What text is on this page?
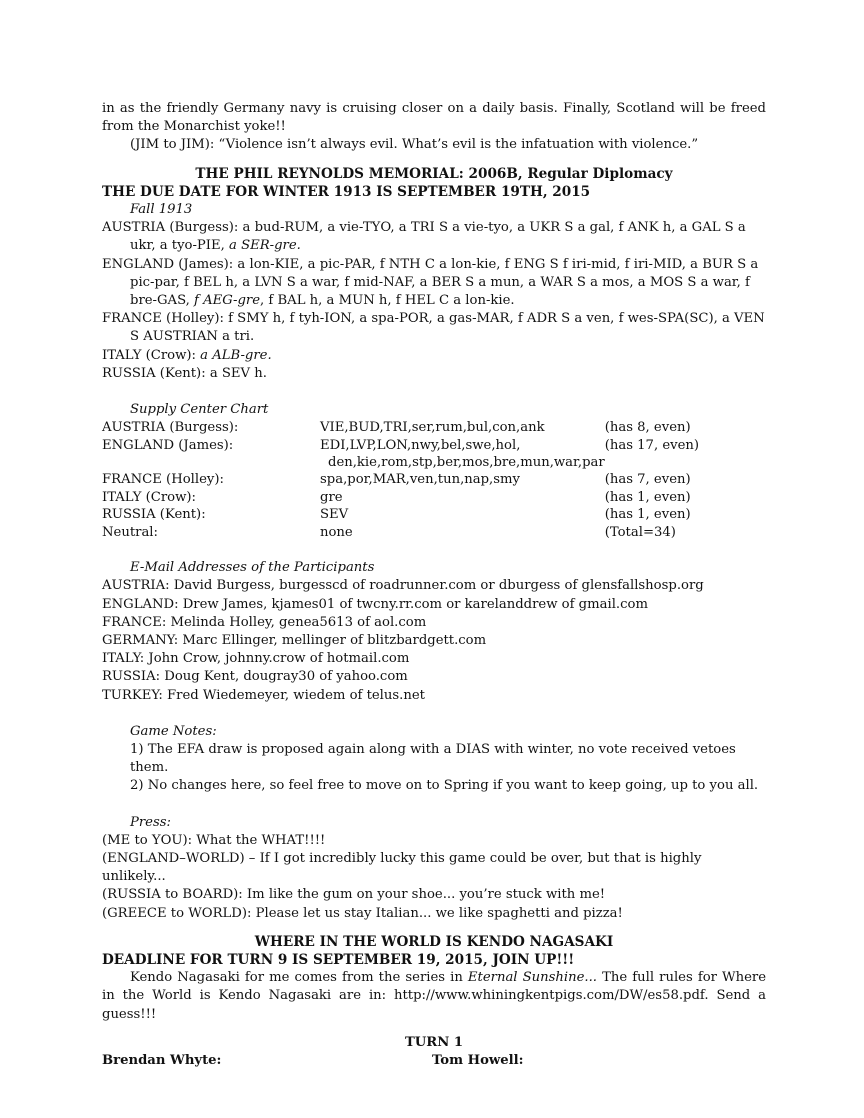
in as the friendly Germany navy is cruising closer on a daily basis. Finally, Scotland will be freed from the Monarchist yoke!!

(JIM to JIM): “Violence isn’t always evil. What’s evil is the infatuation with violence.”

THE PHIL REYNOLDS MEMORIAL: 2006B, Regular Diplomacy
THE DUE DATE FOR WINTER 1913 IS SEPTEMBER 19TH, 2015
Fall 1913
AUSTRIA (Burgess): a bud-RUM, a vie-TYO, a TRI S a vie-tyo, a UKR S a gal, f ANK h, a GAL S a ukr, a tyo-PIE, a SER-gre.
ENGLAND (James): a lon-KIE, a pic-PAR, f NTH C a lon-kie, f ENG S f iri-mid, f iri-MID, a BUR S a pic-par, f BEL h, a LVN S a war, f mid-NAF, a BER S a mun, a WAR S a mos, a MOS S a war, f bre-GAS, f AEG-gre, f BAL h, a MUN h, f HEL C a lon-kie.
FRANCE (Holley): f SMY h, f tyh-ION, a spa-POR, a gas-MAR, f ADR S a ven, f wes-SPA(SC), a VEN S AUSTRIAN a tri.
ITALY (Crow): a ALB-gre.
RUSSIA (Kent): a SEV h.
Supply Center Chart
AUSTRIA (Burgess):	VIE,BUD,TRI,ser,rum,bul,con,ank	(has 8, even)
ENGLAND (James):	EDI,LVP,LON,nwy,bel,swe,hol,	(has 17, even)
	den,kie,rom,stp,ber,mos,bre,mun,war,par	
FRANCE (Holley):	spa,por,MAR,ven,tun,nap,smy	(has 7, even)
ITALY (Crow):	gre	(has 1, even)
RUSSIA (Kent):	SEV	(has 1, even)
Neutral:	none	(Total=34)
E-Mail Addresses of the Participants
AUSTRIA: David Burgess, burgesscd of roadrunner.com or dburgess of glensfallshosp.org
ENGLAND: Drew James, kjames01 of twcny.rr.com or karelanddrew of gmail.com
FRANCE: Melinda Holley, genea5613 of aol.com
GERMANY: Marc Ellinger, mellinger of blitzbardgett.com
ITALY: John Crow, johnny.crow of hotmail.com
RUSSIA: Doug Kent, dougray30 of yahoo.com
TURKEY: Fred Wiedemeyer, wiedem of telus.net
Game Notes:
1) The EFA draw is proposed again along with a DIAS with winter, no vote received vetoes them.
2) No changes here, so feel free to move on to Spring if you want to keep going, up to you all.
Press:
(ME to YOU): What the WHAT!!!!
(ENGLAND–WORLD) – If I got incredibly lucky this game could be over, but that is highly unlikely...
(RUSSIA to BOARD): Im like the gum on your shoe... you’re stuck with me!
(GREECE to WORLD): Please let us stay Italian... we like spaghetti and pizza!
WHERE IN THE WORLD IS KENDO NAGASAKI
DEADLINE FOR TURN 9 IS SEPTEMBER 19, 2015, JOIN UP!!!

Kendo Nagasaki for me comes from the series in Eternal Sunshine... The full rules for Where in the World is Kendo Nagasaki are in: http://www.whiningkentpigs.com/DW/es58.pdf. Send a guess!!!

TURN 1
Brendan Whyte:	Tom Howell:
